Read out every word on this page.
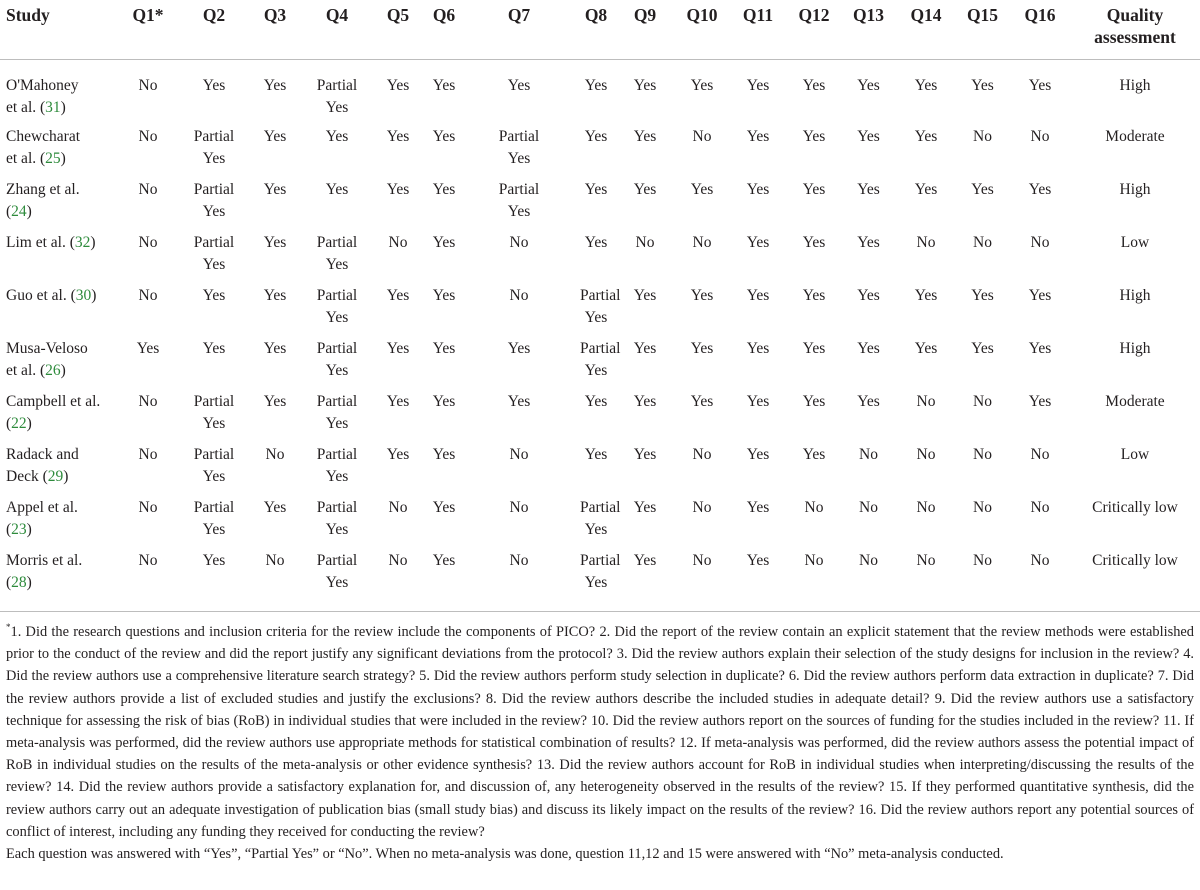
Study	Q1*	Q2	Q3	Q4	Q5	Q6	Q7	Q8	Q9	Q10	Q11	Q12	Q13	Q14	Q15	Q16	Quality
assessment
O'Mahoney
et al. (31)	No	Yes	Yes	Partial
Yes	Yes	Yes	Yes	Yes	Yes	Yes	Yes	Yes	Yes	Yes	Yes	Yes	High
Chewcharat
et al. (25)	No	Partial
Yes	Yes	Yes	Yes	Yes	Partial
Yes	Yes	Yes	No	Yes	Yes	Yes	Yes	No	No	Moderate
Zhang et al.
(24)	No	Partial
Yes	Yes	Yes	Yes	Yes	Partial
Yes	Yes	Yes	Yes	Yes	Yes	Yes	Yes	Yes	Yes	High
Lim et al. (32)	No	Partial
Yes	Yes	Partial
Yes	No	Yes	No	Yes	No	No	Yes	Yes	Yes	No	No	No	Low
Guo et al. (30)	No	Yes	Yes	Partial
Yes	Yes	Yes	No	Partial
Yes	Yes	Yes	Yes	Yes	Yes	Yes	Yes	Yes	High
Musa-Veloso
et al. (26)	Yes	Yes	Yes	Partial
Yes	Yes	Yes	Yes	Partial
Yes	Yes	Yes	Yes	Yes	Yes	Yes	Yes	Yes	High
Campbell et al.
(22)	No	Partial
Yes	Yes	Partial
Yes	Yes	Yes	Yes	Yes	Yes	Yes	Yes	Yes	Yes	No	No	Yes	Moderate
Radack and
Deck (29)	No	Partial
Yes	No	Partial
Yes	Yes	Yes	No	Yes	Yes	No	Yes	Yes	No	No	No	No	Low
Appel et al.
(23)	No	Partial
Yes	Yes	Partial
Yes	No	Yes	No	Partial
Yes	Yes	No	Yes	No	No	No	No	No	Critically low
Morris et al.
(28)	No	Yes	No	Partial
Yes	No	Yes	No	Partial
Yes	Yes	No	Yes	No	No	No	No	No	Critically low

*1. Did the research questions and inclusion criteria for the review include the components of PICO? 2. Did the report of the review contain an explicit statement that the review methods were established prior to the conduct of the review and did the report justify any significant deviations from the protocol? 3. Did the review authors explain their selection of the study designs for inclusion in the review? 4. Did the review authors use a comprehensive literature search strategy? 5. Did the review authors perform study selection in duplicate? 6. Did the review authors perform data extraction in duplicate? 7. Did the review authors provide a list of excluded studies and justify the exclusions? 8. Did the review authors describe the included studies in adequate detail? 9. Did the review authors use a satisfactory technique for assessing the risk of bias (RoB) in individual studies that were included in the review? 10. Did the review authors report on the sources of funding for the studies included in the review? 11. If meta-analysis was performed, did the review authors use appropriate methods for statistical combination of results? 12. If meta-analysis was performed, did the review authors assess the potential impact of RoB in individual studies on the results of the meta-analysis or other evidence synthesis? 13. Did the review authors account for RoB in individual studies when interpreting/discussing the results of the review? 14. Did the review authors provide a satisfactory explanation for, and discussion of, any heterogeneity observed in the results of the review? 15. If they performed quantitative synthesis, did the review authors carry out an adequate investigation of publication bias (small study bias) and discuss its likely impact on the results of the review? 16. Did the review authors report any potential sources of conflict of interest, including any funding they received for conducting the review?

Each question was answered with “Yes”, “Partial Yes” or “No”. When no meta-analysis was done, question 11,12 and 15 were answered with “No” meta-analysis conducted.
